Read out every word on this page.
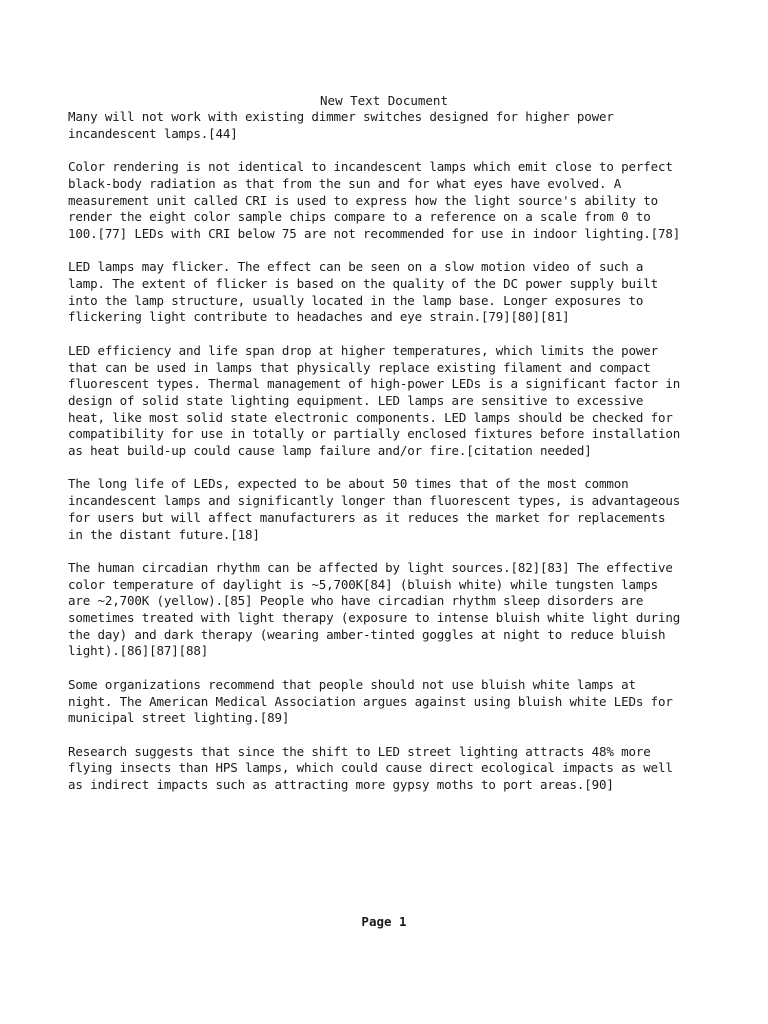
New Text Document

Many will not work with existing dimmer switches designed for higher power
incandescent lamps.[44]

Color rendering is not identical to incandescent lamps which emit close to perfect
black-body radiation as that from the sun and for what eyes have evolved. A
measurement unit called CRI is used to express how the light source's ability to
render the eight color sample chips compare to a reference on a scale from 0 to
100.[77] LEDs with CRI below 75 are not recommended for use in indoor lighting.[78]

LED lamps may flicker. The effect can be seen on a slow motion video of such a
lamp. The extent of flicker is based on the quality of the DC power supply built
into the lamp structure, usually located in the lamp base. Longer exposures to
flickering light contribute to headaches and eye strain.[79][80][81]

LED efficiency and life span drop at higher temperatures, which limits the power
that can be used in lamps that physically replace existing filament and compact
fluorescent types. Thermal management of high-power LEDs is a significant factor in
design of solid state lighting equipment. LED lamps are sensitive to excessive
heat, like most solid state electronic components. LED lamps should be checked for
compatibility for use in totally or partially enclosed fixtures before installation
as heat build-up could cause lamp failure and/or fire.[citation needed]

The long life of LEDs, expected to be about 50 times that of the most common
incandescent lamps and significantly longer than fluorescent types, is advantageous
for users but will affect manufacturers as it reduces the market for replacements
in the distant future.[18]

The human circadian rhythm can be affected by light sources.[82][83] The effective
color temperature of daylight is ~5,700K[84] (bluish white) while tungsten lamps
are ~2,700K (yellow).[85] People who have circadian rhythm sleep disorders are
sometimes treated with light therapy (exposure to intense bluish white light during
the day) and dark therapy (wearing amber-tinted goggles at night to reduce bluish
light).[86][87][88]

Some organizations recommend that people should not use bluish white lamps at
night. The American Medical Association argues against using bluish white LEDs for
municipal street lighting.[89]

Research suggests that since the shift to LED street lighting attracts 48% more
flying insects than HPS lamps, which could cause direct ecological impacts as well
as indirect impacts such as attracting more gypsy moths to port areas.[90]

Page 1
